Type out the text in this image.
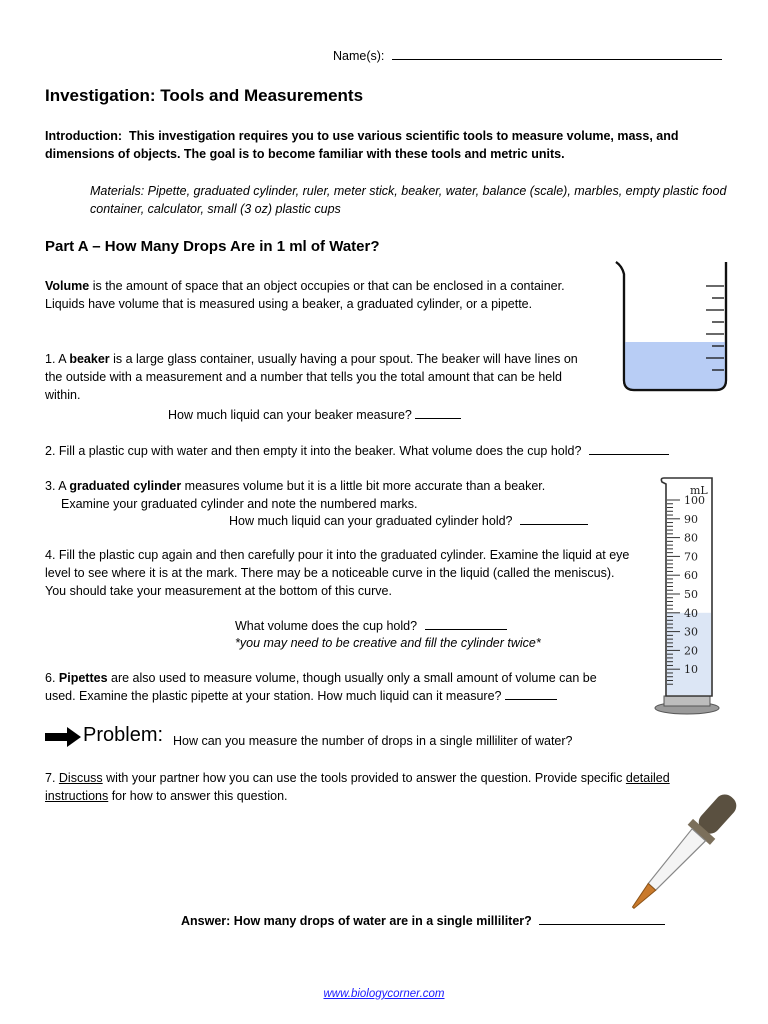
Name(s):
Investigation: Tools and Measurements
Introduction: This investigation requires you to use various scientific tools to measure volume, mass, and dimensions of objects. The goal is to become familiar with these tools and metric units.
Materials: Pipette, graduated cylinder, ruler, meter stick, beaker, water, balance (scale), marbles, empty plastic food container, calculator, small (3 oz) plastic cups
Part A – How Many Drops Are in 1 ml of Water?
Volume is the amount of space that an object occupies or that can be enclosed in a container. Liquids have volume that is measured using a beaker, a graduated cylinder, or a pipette.
1. A beaker is a large glass container, usually having a pour spout. The beaker will have lines on the outside with a measurement and a number that tells you the total amount that can be held within.
How much liquid can your beaker measure?
2. Fill a plastic cup with water and then empty it into the beaker. What volume does the cup hold?
3. A graduated cylinder measures volume but it is a little bit more accurate than a beaker.
Examine your graduated cylinder and note the numbered marks.
How much liquid can your graduated cylinder hold?
4. Fill the plastic cup again and then carefully pour it into the graduated cylinder. Examine the liquid at eye level to see where it is at the mark. There may be a noticeable curve in the liquid (called the meniscus). You should take your measurement at the bottom of this curve.
What volume does the cup hold?
*you may need to be creative and fill the cylinder twice*
100
90
80
70
60
50
40
30
20
10
mL
6. Pipettes are also used to measure volume, though usually only a small amount of volume can be used. Examine the plastic pipette at your station. How much liquid can it measure?
Problem: How can you measure the number of drops in a single milliliter of water?
7. Discuss with your partner how you can use the tools provided to answer the question. Provide specific detailed instructions for how to answer this question.
Answer: How many drops of water are in a single milliliter?
www.biologycorner.com
